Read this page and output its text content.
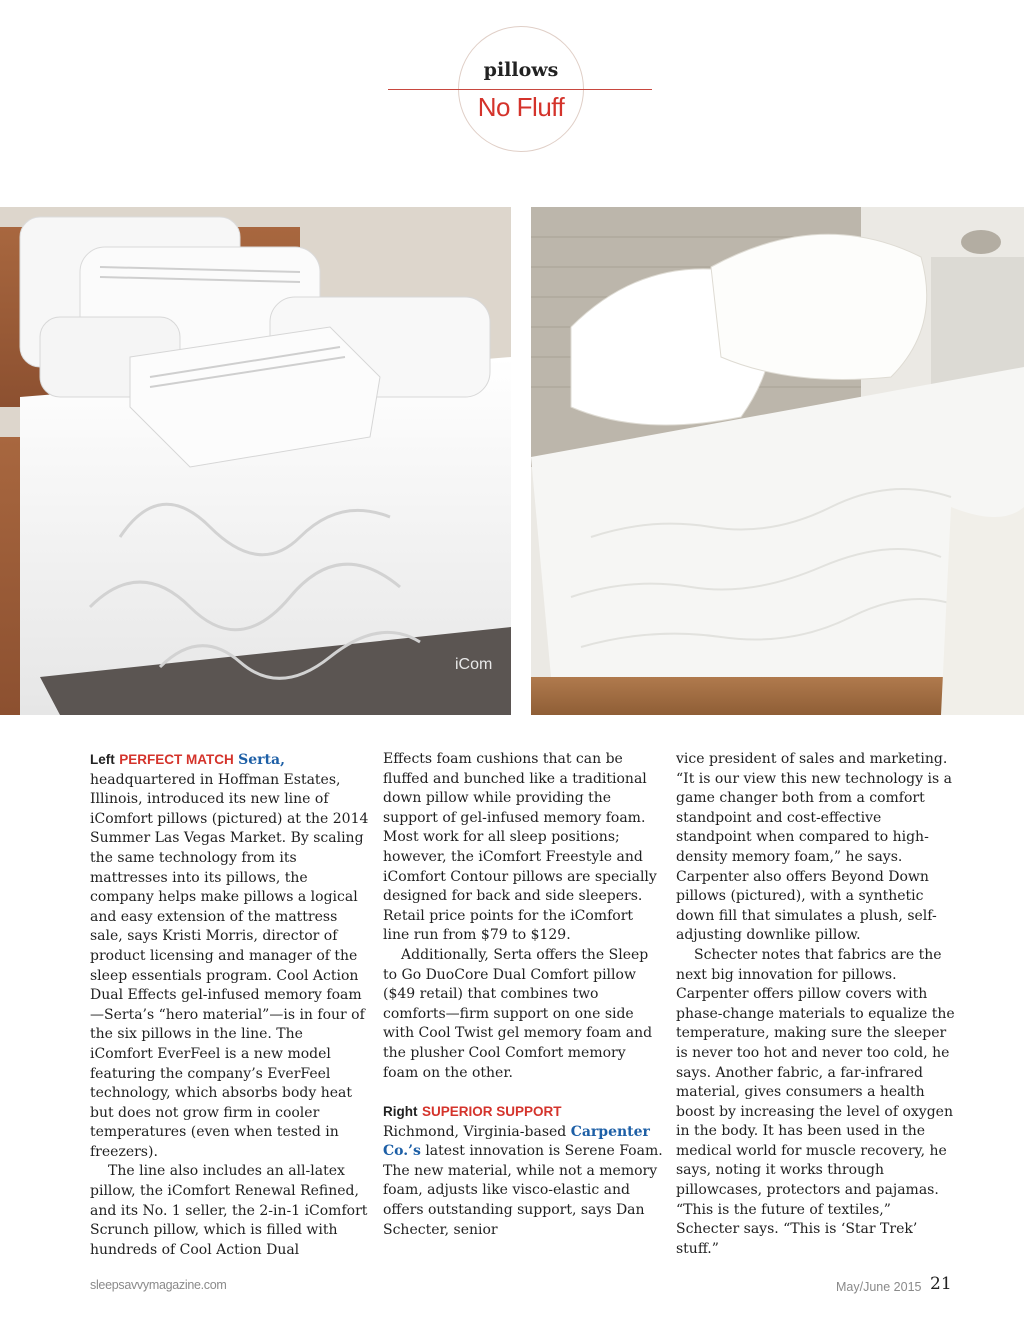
pillows
No Fluff
iCom

Left PERFECT MATCH Serta, headquartered in Hoffman Estates, Illinois, introduced its new line of iComfort pillows (pictured) at the 2014 Summer Las Vegas Market. By scaling the same technology from its mattresses into its pillows, the company helps make pillows a logical and easy extension of the mattress sale, says Kristi Morris, director of product licensing and manager of the sleep essentials program. Cool Action Dual Effects gel-infused memory foam—Serta’s “hero material”—is in four of the six pillows in the line. The iComfort EverFeel is a new model featuring the company’s EverFeel technology, which absorbs body heat but does not grow firm in cooler temperatures (even when tested in freezers).

The line also includes an all-latex pillow, the iComfort Renewal Refined, and its No. 1 seller, the 2-in-1 iComfort Scrunch pillow, which is filled with hundreds of Cool Action Dual

Effects foam cushions that can be fluffed and bunched like a traditional down pillow while providing the support of gel-infused memory foam. Most work for all sleep positions; however, the iComfort Freestyle and iComfort Contour pillows are specially designed for back and side sleepers. Retail price points for the iComfort line run from $79 to $129.

Additionally, Serta offers the Sleep to Go DuoCore Dual Comfort pillow ($49 retail) that combines two comforts—firm support on one side with Cool Twist gel memory foam and the plusher Cool Comfort memory foam on the other.

Right SUPERIOR SUPPORT
Richmond, Virginia-based Carpenter Co.’s latest innovation is Serene Foam. The new material, while not a memory foam, adjusts like visco-elastic and offers outstanding support, says Dan Schecter, senior

vice president of sales and marketing. “It is our view this new technology is a game changer both from a comfort standpoint and cost-effective standpoint when compared to high-density memory foam,” he says. Carpenter also offers Beyond Down pillows (pictured), with a synthetic down fill that simulates a plush, self-adjusting downlike pillow.

Schecter notes that fabrics are the next big innovation for pillows. Carpenter offers pillow covers with phase-change materials to equalize the temperature, making sure the sleeper is never too hot and never too cold, he says. Another fabric, a far-infrared material, gives consumers a health boost by increasing the level of oxygen in the body. It has been used in the medical world for muscle recovery, he says, noting it works through pillowcases, protectors and pajamas. “This is the future of textiles,” Schecter says. “This is ‘Star Trek’ stuff.”

sleepsavvymagazine.com	May/June 2015 21
